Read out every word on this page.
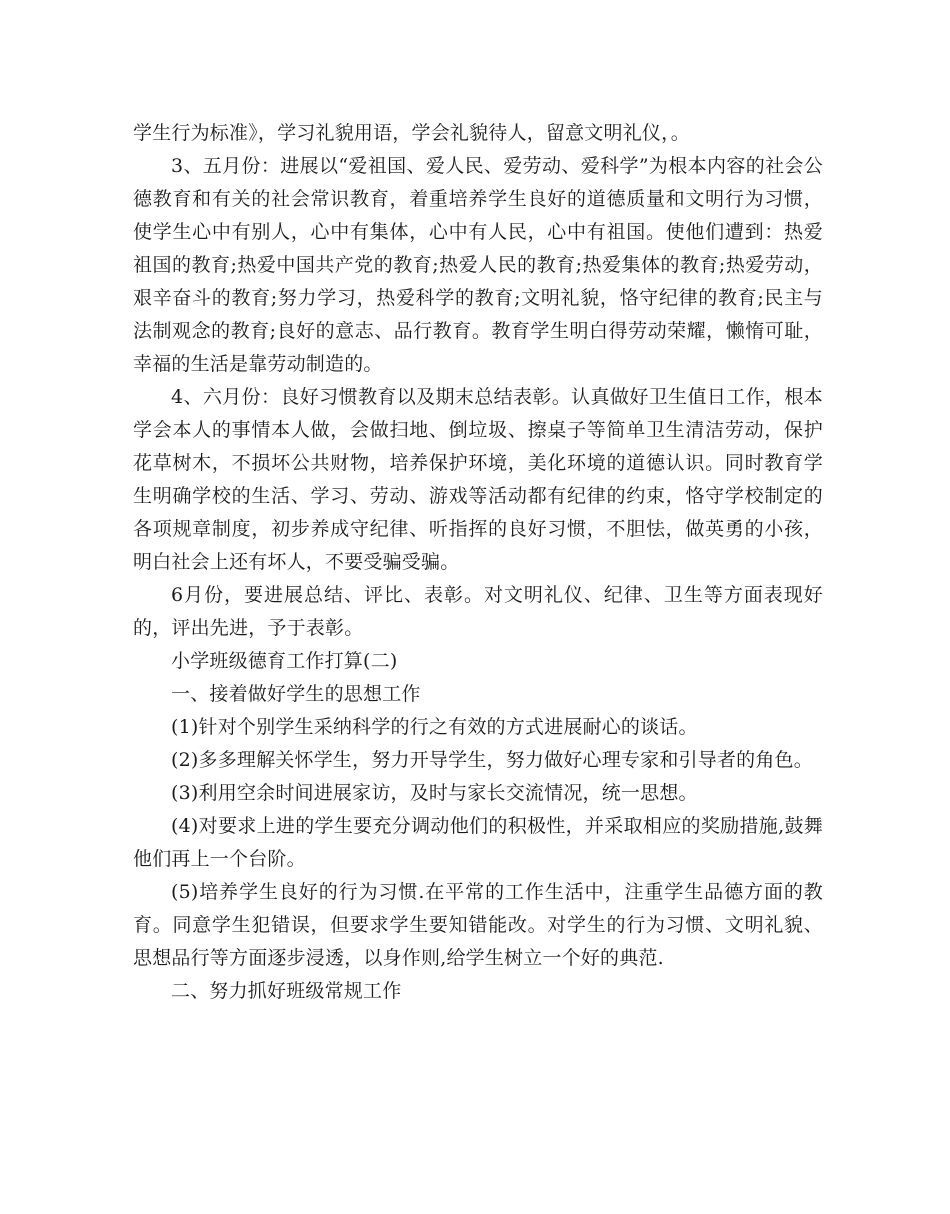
学生行为标准》，学习礼貌用语，学会礼貌待人，留意文明礼仪，。

3、五月份：进展以“爱祖国、爱人民、爱劳动、爱科学”为根本内容的社会公德教育和有关的社会常识教育，着重培养学生良好的道德质量和文明行为习惯，使学生心中有别人，心中有集体，心中有人民，心中有祖国。使他们遭到：热爱祖国的教育;热爱中国共产党的教育;热爱人民的教育;热爱集体的教育;热爱劳动，艰辛奋斗的教育;努力学习，热爱科学的教育;文明礼貌，恪守纪律的教育;民主与法制观念的教育;良好的意志、品行教育。教育学生明白得劳动荣耀，懒惰可耻，幸福的生活是靠劳动制造的。

4、六月份：良好习惯教育以及期末总结表彰。认真做好卫生值日工作，根本学会本人的事情本人做，会做扫地、倒垃圾、擦桌子等简单卫生清洁劳动，保护花草树木，不损坏公共财物，培养保护环境，美化环境的道德认识。同时教育学生明确学校的生活、学习、劳动、游戏等活动都有纪律的约束，恪守学校制定的各项规章制度，初步养成守纪律、听指挥的良好习惯，不胆怯，做英勇的小孩，明白社会上还有坏人，不要受骗受骗。

6月份，要进展总结、评比、表彰。对文明礼仪、纪律、卫生等方面表现好的，评出先进，予于表彰。

小学班级德育工作打算(二)

一、接着做好学生的思想工作

(1)针对个别学生采纳科学的行之有效的方式进展耐心的谈话。

(2)多多理解关怀学生，努力开导学生，努力做好心理专家和引导者的角色。

(3)利用空余时间进展家访，及时与家长交流情况，统一思想。

(4)对要求上进的学生要充分调动他们的积极性，并采取相应的奖励措施,鼓舞他们再上一个台阶。

(5)培养学生良好的行为习惯.在平常的工作生活中，注重学生品德方面的教育。同意学生犯错误，但要求学生要知错能改。对学生的行为习惯、文明礼貌、思想品行等方面逐步浸透，以身作则,给学生树立一个好的典范.

二、努力抓好班级常规工作
